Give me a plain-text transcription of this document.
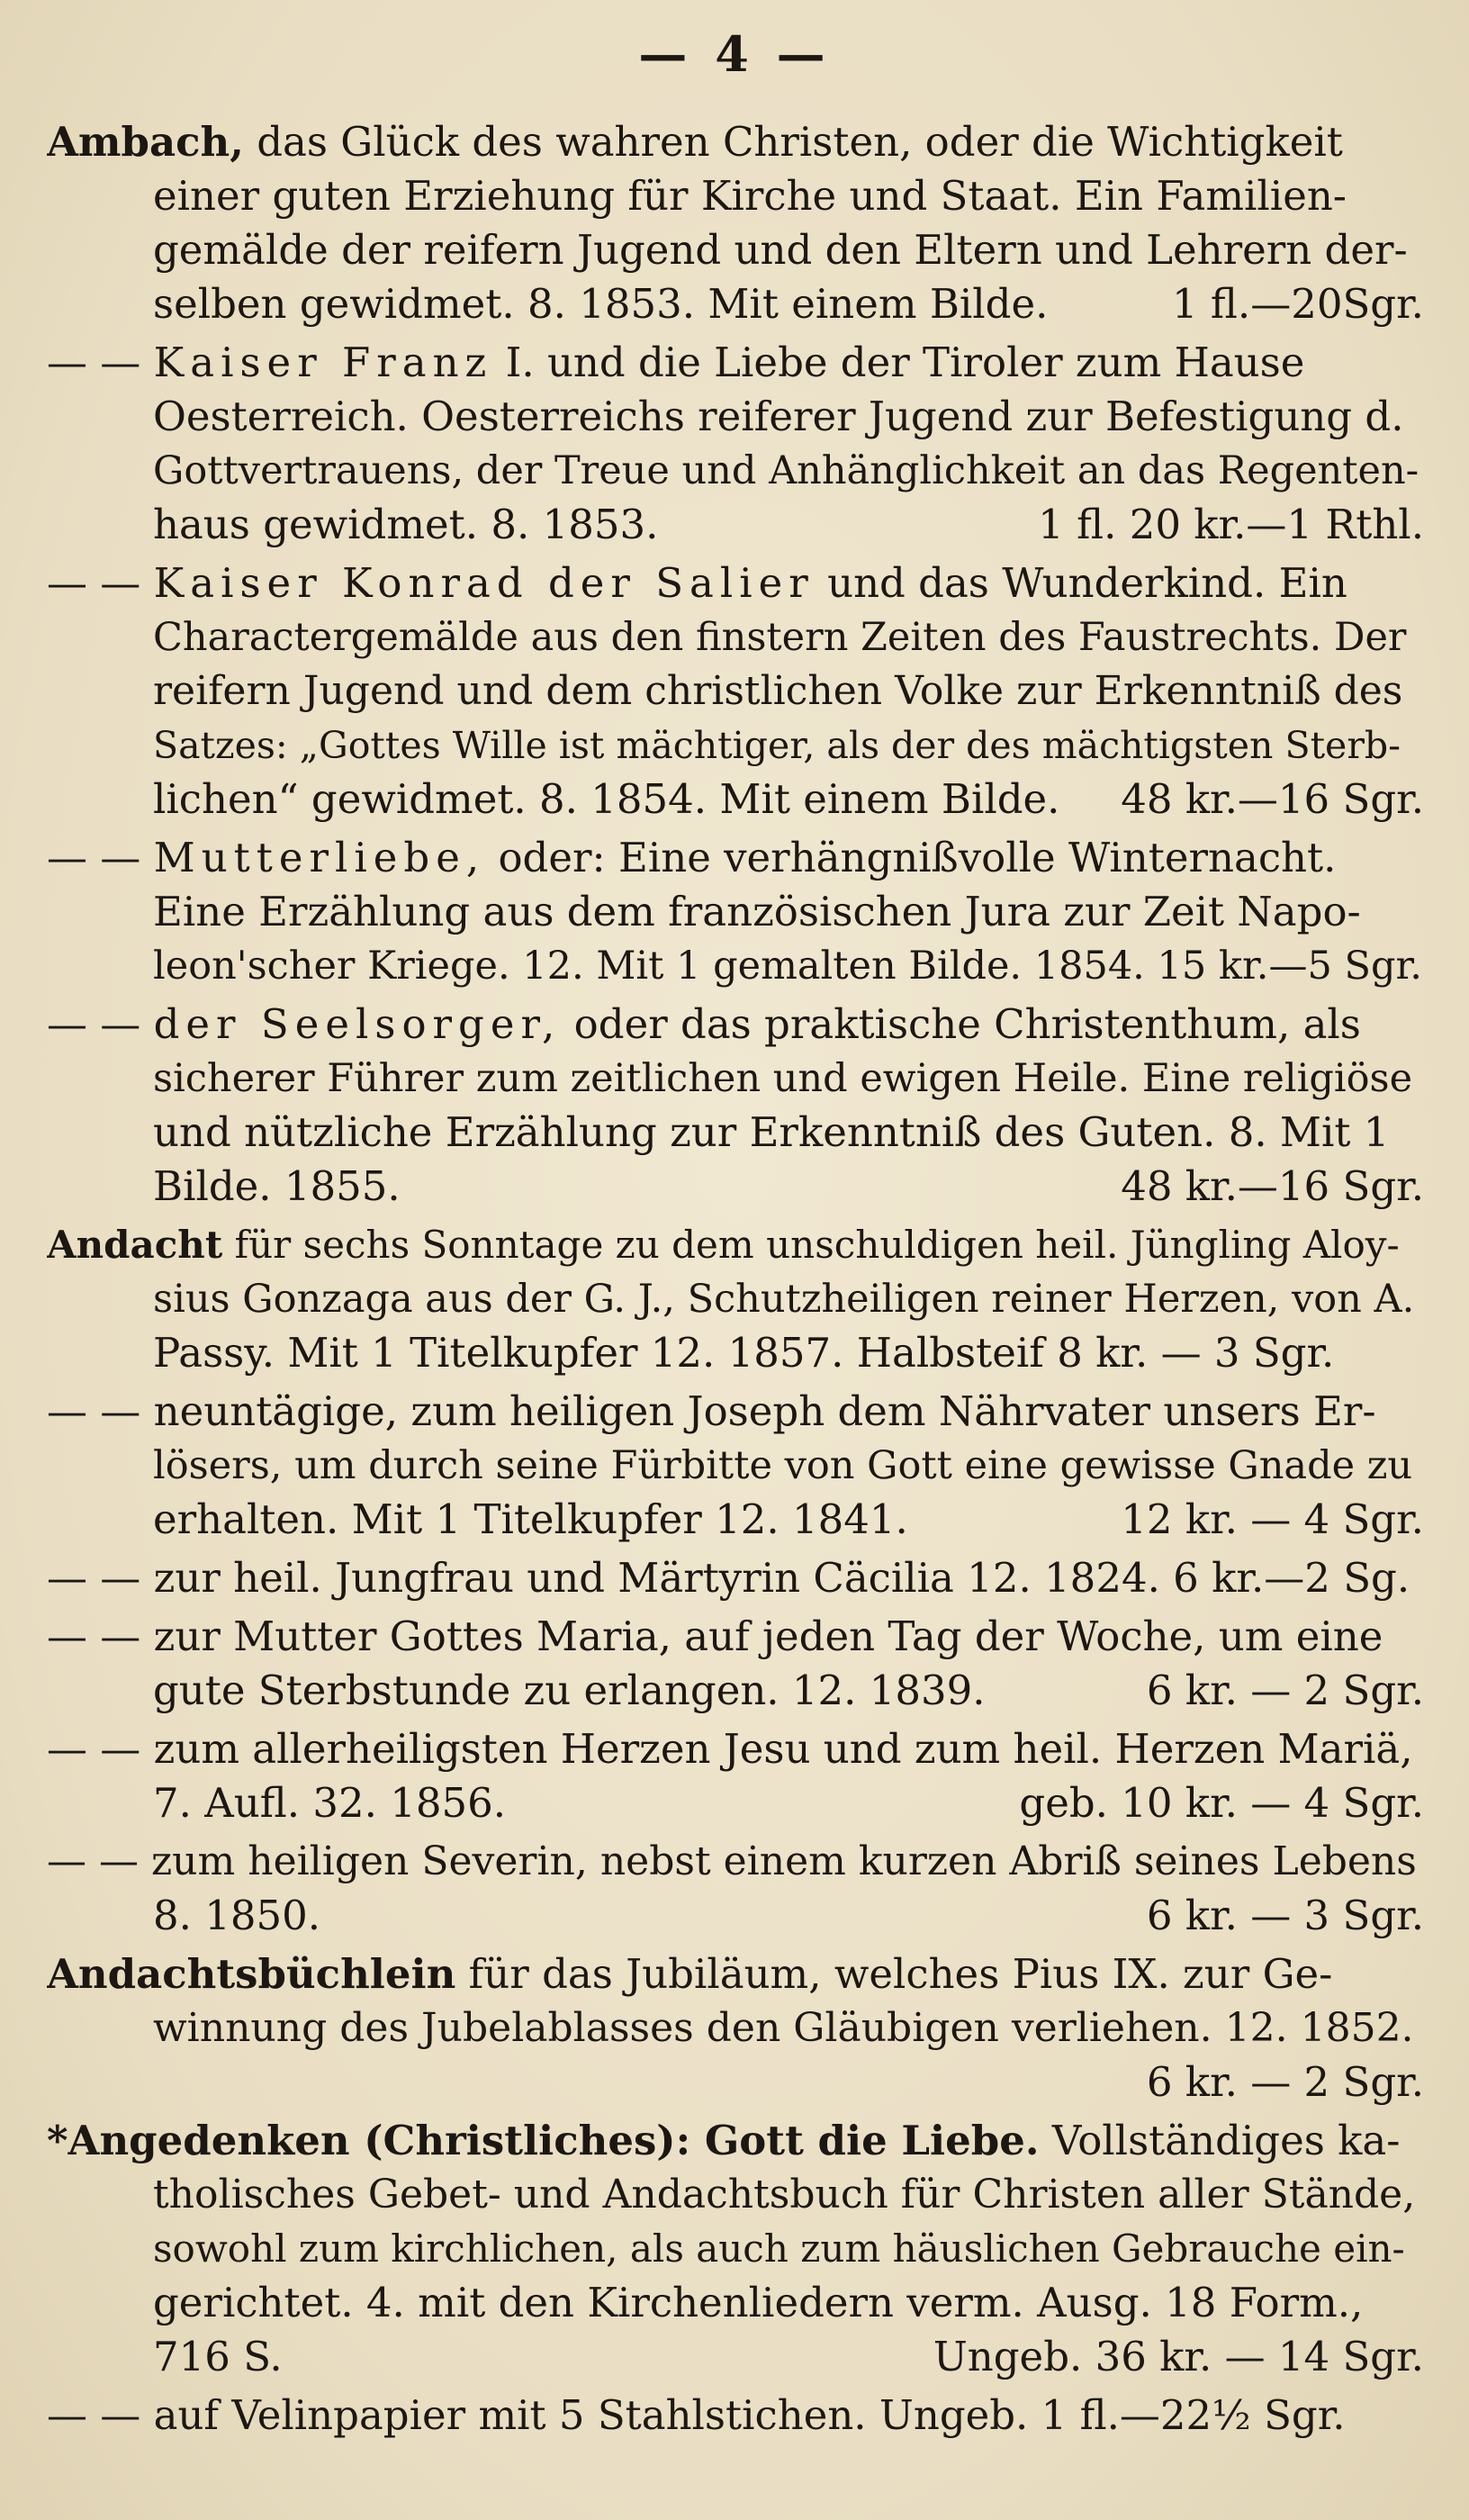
— 4 —
Ambach, das Glück des wahren Christen, oder die Wichtigkeit
einer guten Erziehung für Kirche und Staat. Ein Familien-
gemälde der reifern Jugend und den Eltern und Lehrern der-
selben gewidmet. 8. 1853. Mit einem Bilde.	1 fl.—20Sgr.
— — Kaiser Franz I. und die Liebe der Tiroler zum Hause
Oesterreich. Oesterreichs reiferer Jugend zur Befestigung d.
Gottvertrauens, der Treue und Anhänglichkeit an das Regenten-
haus gewidmet. 8. 1853.	1 fl. 20 kr.—1 Rthl.
— — Kaiser Konrad der Salier und das Wunderkind. Ein
Charactergemälde aus den finstern Zeiten des Faustrechts. Der
reifern Jugend und dem christlichen Volke zur Erkenntniß des
Satzes: „Gottes Wille ist mächtiger, als der des mächtigsten Sterb-
lichen“ gewidmet. 8. 1854. Mit einem Bilde. 48 kr.—16 Sgr.
— — Mutterliebe, oder: Eine verhängnißvolle Winternacht.
Eine Erzählung aus dem französischen Jura zur Zeit Napo-
leon'scher Kriege. 12. Mit 1 gemalten Bilde. 1854. 15 kr.—5 Sgr.
— — der Seelsorger, oder das praktische Christenthum, als
sicherer Führer zum zeitlichen und ewigen Heile. Eine religiöse
und nützliche Erzählung zur Erkenntniß des Guten. 8. Mit 1
Bilde. 1855.	48 kr.—16 Sgr.
Andacht für sechs Sonntage zu dem unschuldigen heil. Jüngling Aloy-
sius Gonzaga aus der G. J., Schutzheiligen reiner Herzen, von A.
Passy. Mit 1 Titelkupfer 12. 1857. Halbsteif 8 kr. — 3 Sgr.
— — neuntägige, zum heiligen Joseph dem Nährvater unsers Er-
lösers, um durch seine Fürbitte von Gott eine gewisse Gnade zu
erhalten. Mit 1 Titelkupfer 12. 1841.	12 kr. — 4 Sgr.
— — zur heil. Jungfrau und Märtyrin Cäcilia 12. 1824. 6 kr.—2 Sg.
— — zur Mutter Gottes Maria, auf jeden Tag der Woche, um eine
gute Sterbstunde zu erlangen. 12. 1839.	6 kr. — 2 Sgr.
— — zum allerheiligsten Herzen Jesu und zum heil. Herzen Mariä,
7. Aufl. 32. 1856.	geb. 10 kr. — 4 Sgr.
— — zum heiligen Severin, nebst einem kurzen Abriß seines Lebens
8. 1850.	6 kr. — 3 Sgr.
Andachtsbüchlein für das Jubiläum, welches Pius IX. zur Ge-
winnung des Jubelablasses den Gläubigen verliehen. 12. 1852.
6 kr. — 2 Sgr.
*Angedenken (Christliches): Gott die Liebe. Vollständiges ka-
tholisches Gebet- und Andachtsbuch für Christen aller Stände,
sowohl zum kirchlichen, als auch zum häuslichen Gebrauche ein-
gerichtet. 4. mit den Kirchenliedern verm. Ausg. 18 Form.,
716 S.	Ungeb. 36 kr. — 14 Sgr.
— — auf Velinpapier mit 5 Stahlstichen. Ungeb. 1 fl.—22½ Sgr.
